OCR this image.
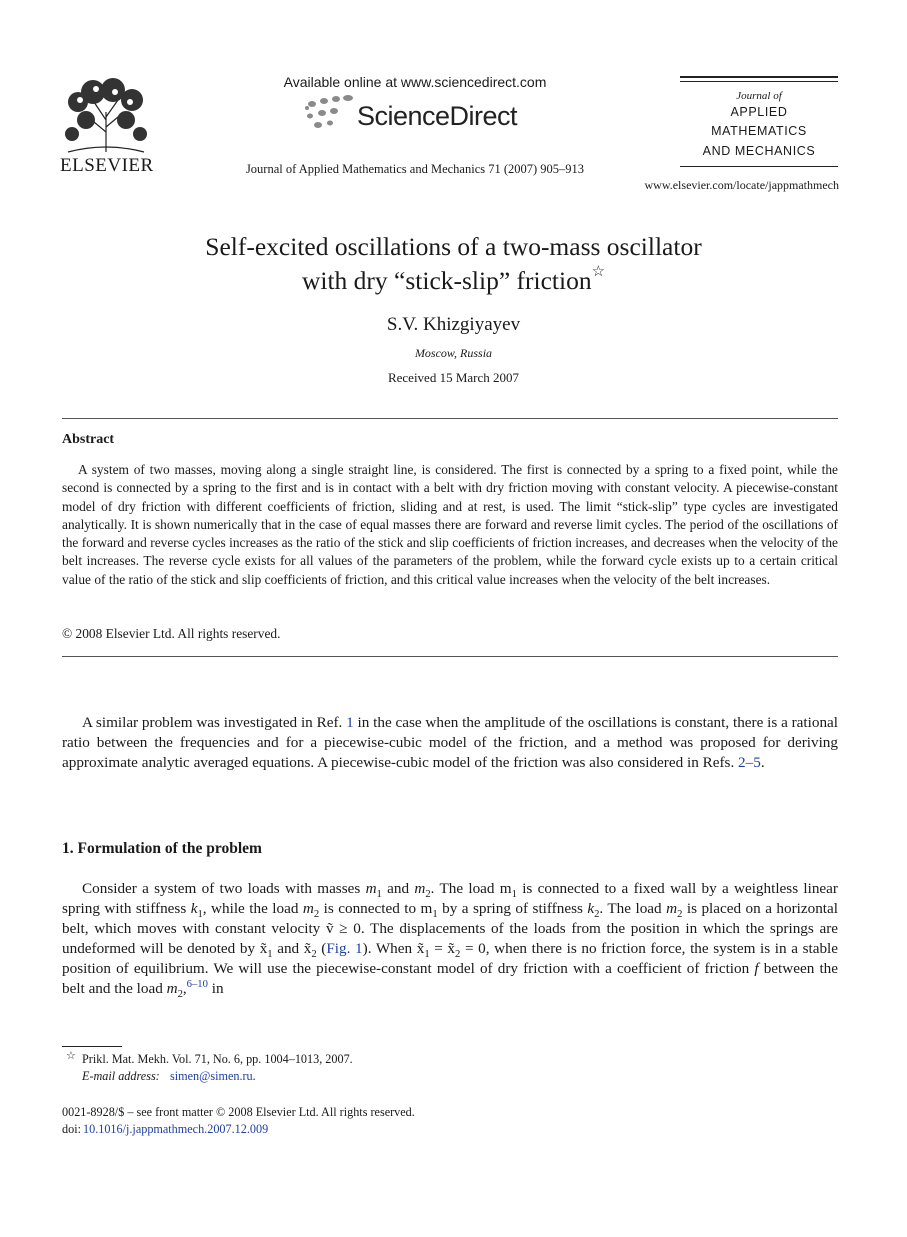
ELSEVIER
Available online at www.sciencedirect.com
ScienceDirect
Journal of Applied Mathematics and Mechanics 71 (2007) 905–913
Journal of
APPLIED
MATHEMATICS
AND MECHANICS
www.elsevier.com/locate/jappmathmech
Self-excited oscillations of a two-mass oscillator
with dry “stick-slip” friction☆
S.V. Khizgiyayev
Moscow, Russia
Received 15 March 2007
Abstract
A system of two masses, moving along a single straight line, is considered. The first is connected by a spring to a fixed point, while the second is connected by a spring to the first and is in contact with a belt with dry friction moving with constant velocity. A piecewise-constant model of dry friction with different coefficients of friction, sliding and at rest, is used. The limit “stick-slip” type cycles are investigated analytically. It is shown numerically that in the case of equal masses there are forward and reverse limit cycles. The period of the oscillations of the forward and reverse cycles increases as the ratio of the stick and slip coefficients of friction increases, and decreases when the velocity of the belt increases. The reverse cycle exists for all values of the parameters of the problem, while the forward cycle exists up to a certain critical value of the ratio of the stick and slip coefficients of friction, and this critical value increases when the velocity of the belt increases.
© 2008 Elsevier Ltd. All rights reserved.
A similar problem was investigated in Ref. 1 in the case when the amplitude of the oscillations is constant, there is a rational ratio between the frequencies and for a piecewise-cubic model of the friction, and a method was proposed for deriving approximate analytic averaged equations. A piecewise-cubic model of the friction was also considered in Refs. 2–5.
1. Formulation of the problem
Consider a system of two loads with masses $m_1$ and $m_2$. The load $m_1$ is connected to a fixed wall by a weightless linear spring with stiffness $k_1$, while the load $m_2$ is connected to $m_1$ by a spring of stiffness $k_2$. The load $m_2$ is placed on a horizontal belt, which moves with constant velocity ṽ ≥ 0. The displacements of the loads from the position in which the springs are undeformed will be denoted by $x̃_1$ and $x̃_2$ (Fig. 1). When $x̃_1$ = $x̃_2 = 0$, when there is no friction force, the system is in a stable position of equilibrium. We will use the piecewise-constant model of dry friction with a coefficient of friction f between the belt and the load $m_2,^{6-10}$ in
☆ Prikl. Mat. Mekh. Vol. 71, No. 6, pp. 1004–1013, 2007.
E-mail address: simen@simen.ru.
0021-8928/$ – see front matter © 2008 Elsevier Ltd. All rights reserved.
doi: 10.1016/j.jappmathmech.2007.12.009
